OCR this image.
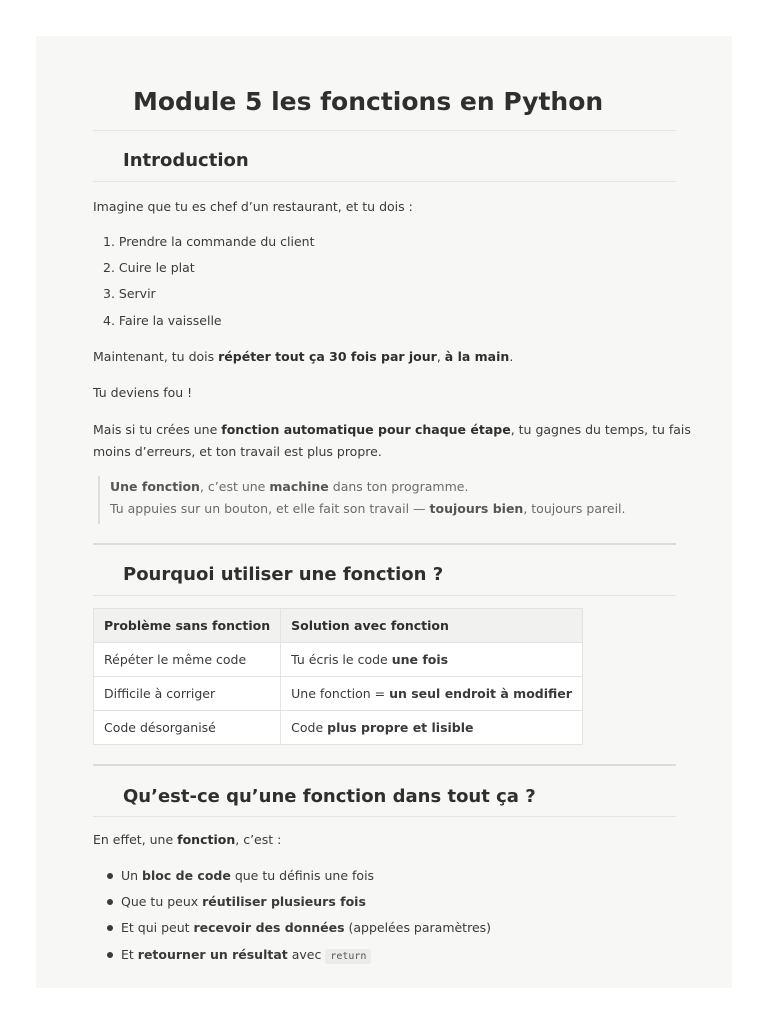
Module 5 les fonctions en Python
Introduction

Imagine que tu es chef d’un restaurant, et tu dois :

1. Prendre la commande du client
2. Cuire le plat
3. Servir
4. Faire la vaisselle

Maintenant, tu dois répéter tout ça 30 fois par jour, à la main.

Tu deviens fou !

Mais si tu crées une fonction automatique pour chaque étape, tu gagnes du temps, tu fais
moins d’erreurs, et ton travail est plus propre.

Une fonction, c’est une machine dans ton programme.
Tu appuies sur un bouton, et elle fait son travail — toujours bien, toujours pareil.
Pourquoi utiliser une fonction ?
Problème sans fonction	Solution avec fonction
Répéter le même code	Tu écris le code une fois
Difficile à corriger	Une fonction = un seul endroit à modifier
Code désorganisé	Code plus propre et lisible
Qu’est-ce qu’une fonction dans tout ça ?

En effet, une fonction, c’est :

Un bloc de code que tu définis une fois
Que tu peux réutiliser plusieurs fois
Et qui peut recevoir des données (appelées paramètres)
Et retourner un résultat avec return
